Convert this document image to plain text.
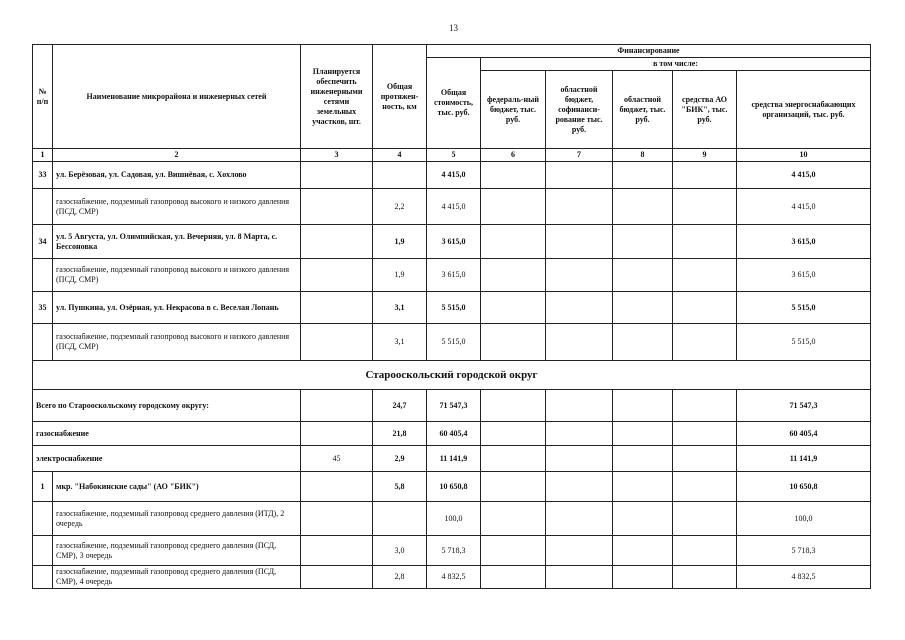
13
№ п/п	Наименование микрорайона и инженерных сетей	Планируется обеспечить инженерными сетями земельных участков, шт.	Общая протяжен-ность, км	Финансирование					
				Общая стоимость, тыс. руб.	в том числе:				
					федераль-ный бюджет, тыс. руб.	областной бюджет, софинанси-рование тыс. руб.	областной бюджет, тыс. руб.	средства АО "БИК", тыс. руб.	средства энергоснабжающих организаций, тыс. руб.
1	2	3	4	5	6	7	8	9	10
33	ул. Берёзовая, ул. Садовая, ул. Вишнёвая, с. Хохлово			4 415,0					4 415,0
	газоснабжение, подземный газопровод высокого и низкого давления (ПСД, СМР)		2,2	4 415,0					4 415,0
34	ул. 5 Августа, ул. Олимпийская, ул. Вечерняя, ул. 8 Марта, с. Бессоновка		1,9	3 615,0					3 615,0
	газоснабжение, подземный газопровод высокого и низкого давления (ПСД, СМР)		1,9	3 615,0					3 615,0
35	ул. Пушкина, ул. Озёрная, ул. Некрасова в с. Веселая Лопань		3,1	5 515,0					5 515,0
	газоснабжение, подземный газопровод высокого и низкого давления (ПСД, СМР)		3,1	5 515,0					5 515,0
Старооскольский городской округ									
Всего по Старооскольскому городскому округу:			24,7	71 547,3					71 547,3
газоснабжение			21,8	60 405,4					60 405,4
электроснабжение		45	2,9	11 141,9					11 141,9
1	мкр. "Набокинские сады" (АО "БИК")		5,8	10 650,8					10 650,8
	газоснабжение, подземный газопровод среднего давления (ИТД), 2 очередь			100,0					100,0
	газоснабжение, подземный газопровод среднего давления (ПСД, СМР), 3 очередь		3,0	5 718,3					5 718,3
	газоснабжение, подземный газопровод среднего давления (ПСД, СМР), 4 очередь		2,8	4 832,5					4 832,5
